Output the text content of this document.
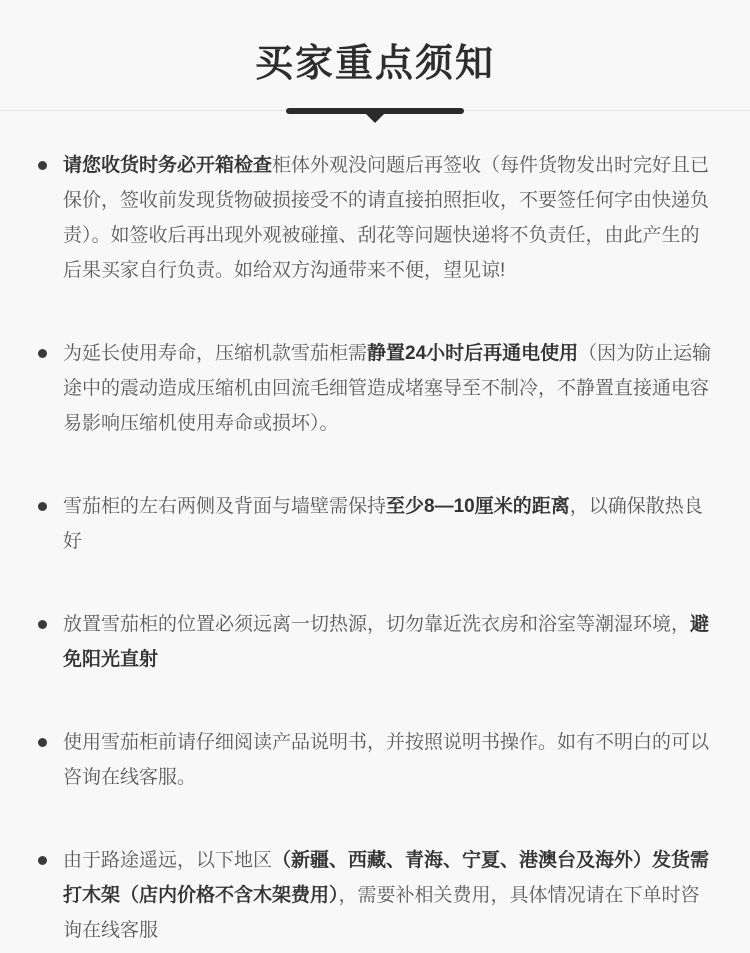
买家重点须知

请您收货时务必开箱检查柜体外观没问题后再签收（每件货物发出时完好且已保价，签收前发现货物破损接受不的请直接拍照拒收，不要签任何字由快递负责）。如签收后再出现外观被碰撞、刮花等问题快递将不负责任，由此产生的后果买家自行负责。如给双方沟通带来不便，望见谅!

为延长使用寿命，压缩机款雪茄柜需静置24小时后再通电使用（因为防止运输途中的震动造成压缩机由回流毛细管造成堵塞导至不制冷，不静置直接通电容易影响压缩机使用寿命或损坏）。

雪茄柜的左右两侧及背面与墙壁需保持至少8—10厘米的距离，以确保散热良好

放置雪茄柜的位置必须远离一切热源，切勿靠近洗衣房和浴室等潮湿环境，避免阳光直射

使用雪茄柜前请仔细阅读产品说明书，并按照说明书操作。如有不明白的可以咨询在线客服。

由于路途遥远，以下地区（新疆、西藏、青海、宁夏、港澳台及海外）发货需打木架（店内价格不含木架费用），需要补相关费用，具体情况请在下单时咨询在线客服
